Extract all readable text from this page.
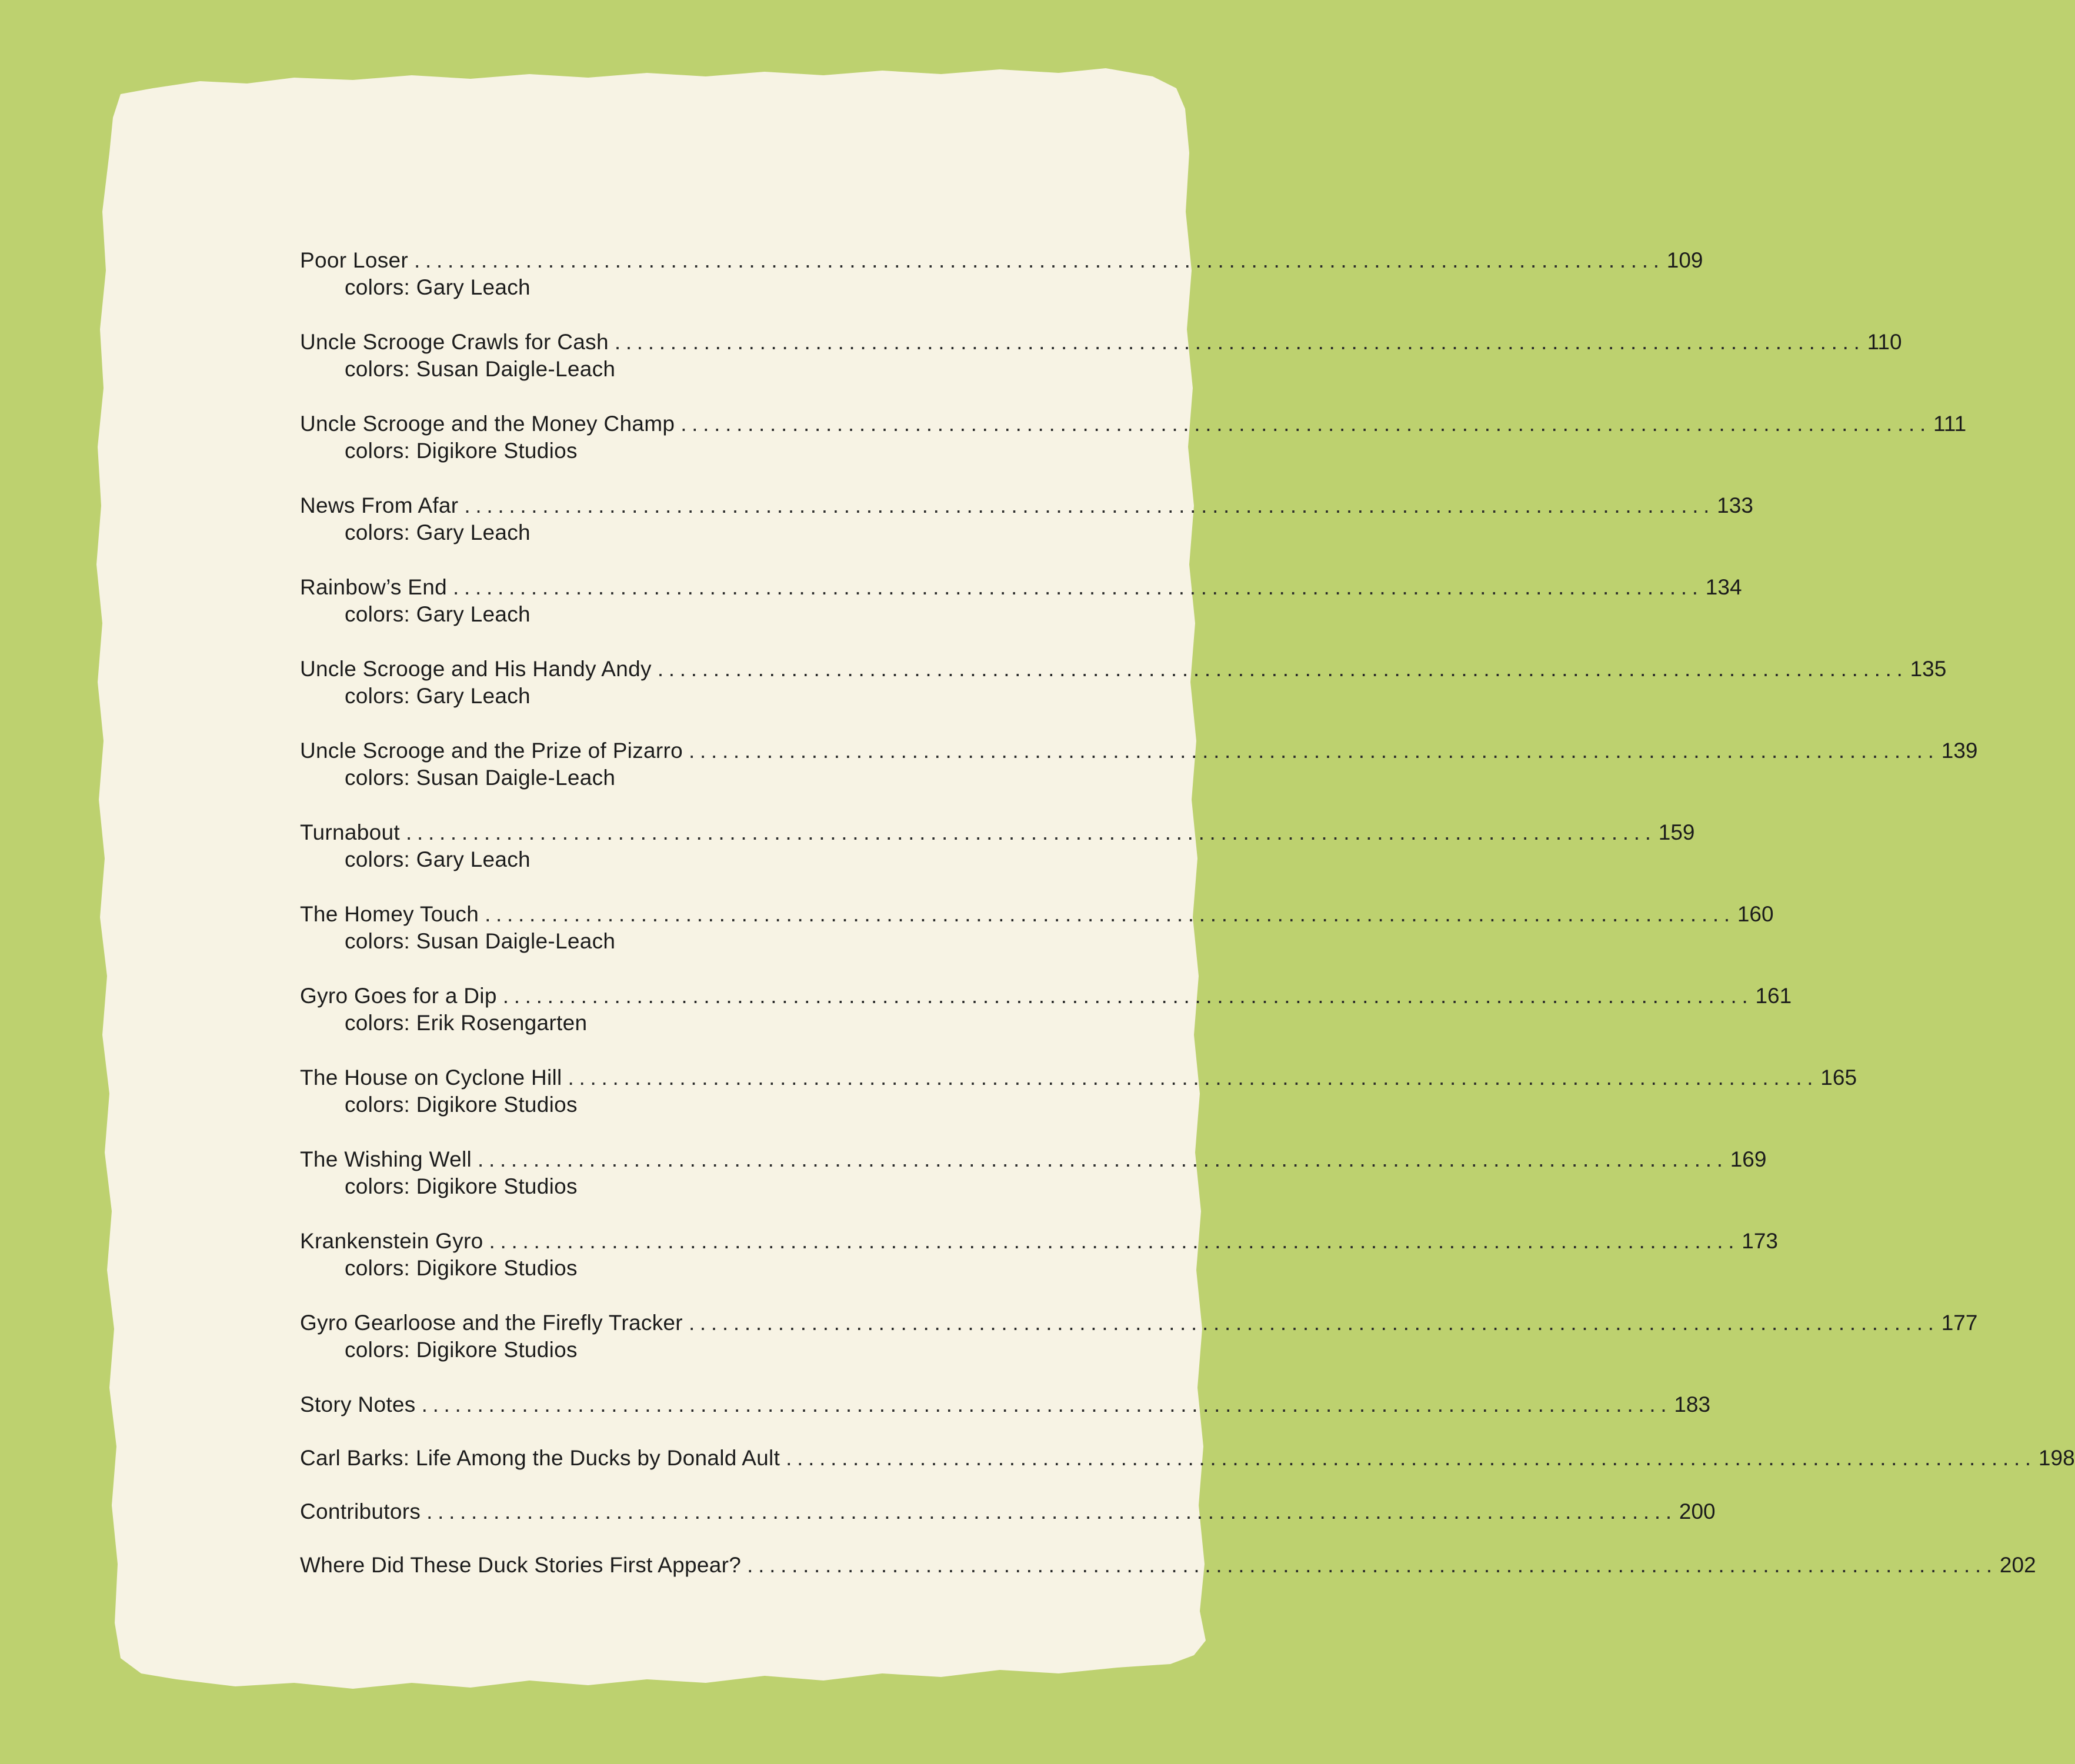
Poor Loser ................................................................................................................ 109
colors: Gary Leach
Uncle Scrooge Crawls for Cash ................................................................................................................ 110
colors: Susan Daigle-Leach
Uncle Scrooge and the Money Champ ................................................................................................................ 111
colors: Digikore Studios
News From Afar ................................................................................................................ 133
colors: Gary Leach
Rainbow’s End ................................................................................................................ 134
colors: Gary Leach
Uncle Scrooge and His Handy Andy ................................................................................................................ 135
colors: Gary Leach
Uncle Scrooge and the Prize of Pizarro ................................................................................................................ 139
colors: Susan Daigle-Leach
Turnabout ................................................................................................................ 159
colors: Gary Leach
The Homey Touch ................................................................................................................ 160
colors: Susan Daigle-Leach
Gyro Goes for a Dip ................................................................................................................ 161
colors: Erik Rosengarten
The House on Cyclone Hill ................................................................................................................ 165
colors: Digikore Studios
The Wishing Well ................................................................................................................ 169
colors: Digikore Studios
Krankenstein Gyro ................................................................................................................ 173
colors: Digikore Studios
Gyro Gearloose and the Firefly Tracker ................................................................................................................ 177
colors: Digikore Studios
Story Notes ................................................................................................................ 183
Carl Barks: Life Among the Ducks by Donald Ault ................................................................................................................ 198
Contributors ................................................................................................................ 200
Where Did These Duck Stories First Appear? ................................................................................................................ 202
